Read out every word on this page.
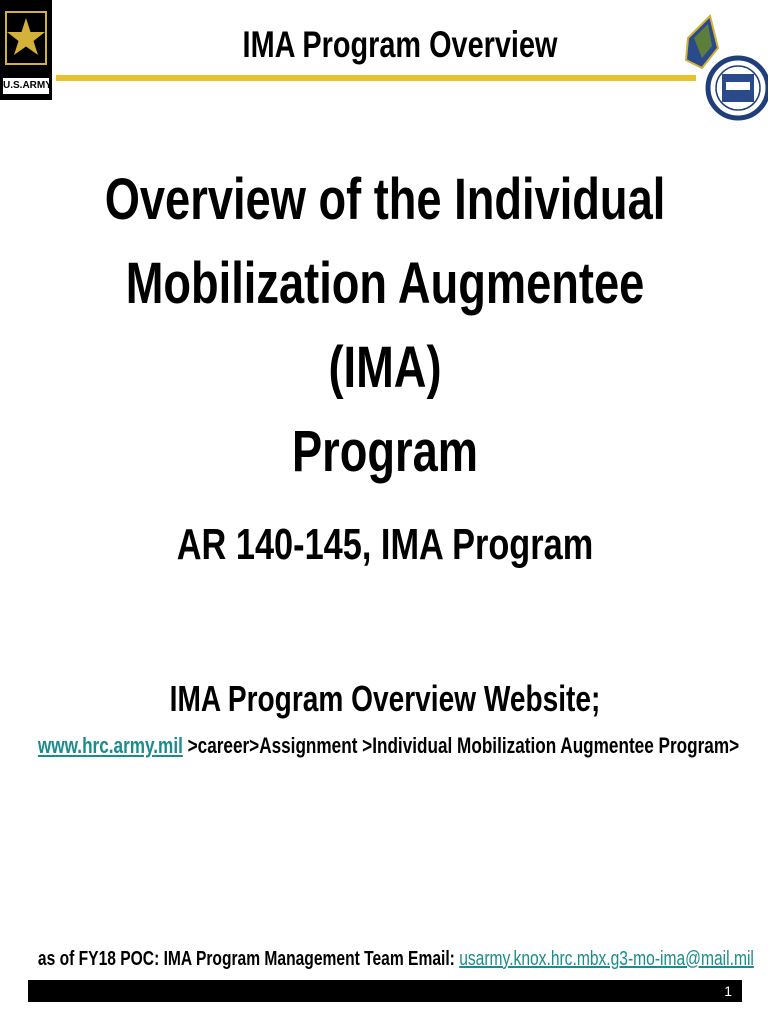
U.S.ARMY
IMA Program Overview
Overview of the Individual
Mobilization Augmentee (IMA)
Program
AR 140-145, IMA Program
IMA Program Overview Website;
www.hrc.army.mil >career>Assignment >Individual Mobilization Augmentee Program>
as of FY18 POC: IMA Program Management Team Email: usarmy.knox.hrc.mbx.g3-mo-ima@mail.mil
1
